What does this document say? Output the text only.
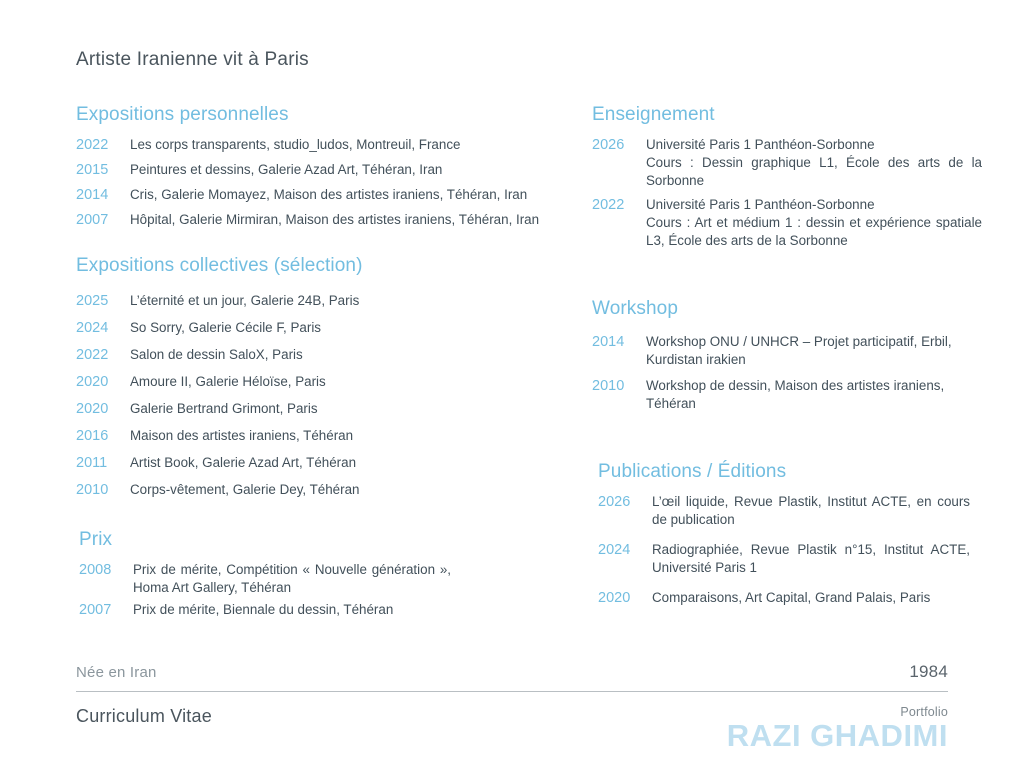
Artiste Iranienne vit à Paris
Expositions personnelles
2022	Les corps transparents, studio_ludos, Montreuil, France
2015	Peintures et dessins, Galerie Azad Art, Téhéran, Iran
2014	Cris, Galerie Momayez, Maison des artistes iraniens, Téhéran, Iran
2007	Hôpital, Galerie Mirmiran, Maison des artistes iraniens, Téhéran, Iran
Expositions collectives (sélection)
2025	L’éternité et un jour, Galerie 24B, Paris
2024	So Sorry, Galerie Cécile F, Paris
2022	Salon de dessin SaloX, Paris
2020	Amoure II, Galerie Héloïse, Paris
2020	Galerie Bertrand Grimont, Paris
2016	Maison des artistes iraniens, Téhéran
2011	Artist Book, Galerie Azad Art, Téhéran
2010	Corps-vêtement, Galerie Dey, Téhéran
Prix
2008	Prix de mérite, Compétition « Nouvelle génération », Homa Art Gallery, Téhéran
2007	Prix de mérite, Biennale du dessin, Téhéran
Enseignement
2026	Université Paris 1 Panthéon-Sorbonne
Cours : Dessin graphique L1, École des arts de la Sorbonne
2022	Université Paris 1 Panthéon-Sorbonne
Cours : Art et médium 1 : dessin et expérience spatiale L3, École des arts de la Sorbonne
Workshop
2014	Workshop ONU / UNHCR – Projet participatif, Erbil, Kurdistan irakien
2010	Workshop de dessin, Maison des artistes iraniens, Téhéran
Publications / Éditions
2026	L’œil liquide, Revue Plastik, Institut ACTE, en cours de publication
2024	Radiographiée, Revue Plastik n°15, Institut ACTE, Université Paris 1
2020	Comparaisons, Art Capital, Grand Palais, Paris
Née en Iran	1984
Curriculum Vitae	Portfolio
RAZI GHADIMI
